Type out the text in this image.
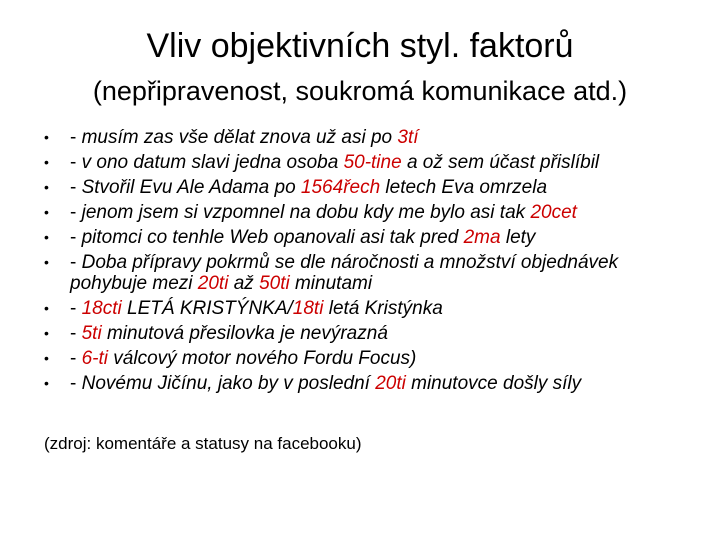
Vliv objektivních styl. faktorů
(nepřipravenost, soukromá komunikace atd.)
• - musím zas vše dělat znova už asi po 3tí
• - v ono datum slavi jedna osoba 50-tine a ož sem účast přislíbil
• - Stvořil Evu Ale Adama po 1564řech letech Eva omrzela
• - jenom jsem si vzpomnel na dobu kdy me bylo asi tak 20cet
• - pitomci co tenhle Web opanovali asi tak pred 2ma lety
• - Doba přípravy pokrmů se dle náročnosti a množství objednávek pohybuje mezi 20ti až 50ti minutami
• - 18cti LETÁ KRISTÝNKA/18ti letá Kristýnka
• - 5ti minutová přesilovka je nevýrazná
• - 6-ti válcový motor nového Fordu Focus)
• - Novému Jičínu, jako by v poslední 20ti minutovce došly síly
(zdroj: komentáře a statusy na facebooku)
